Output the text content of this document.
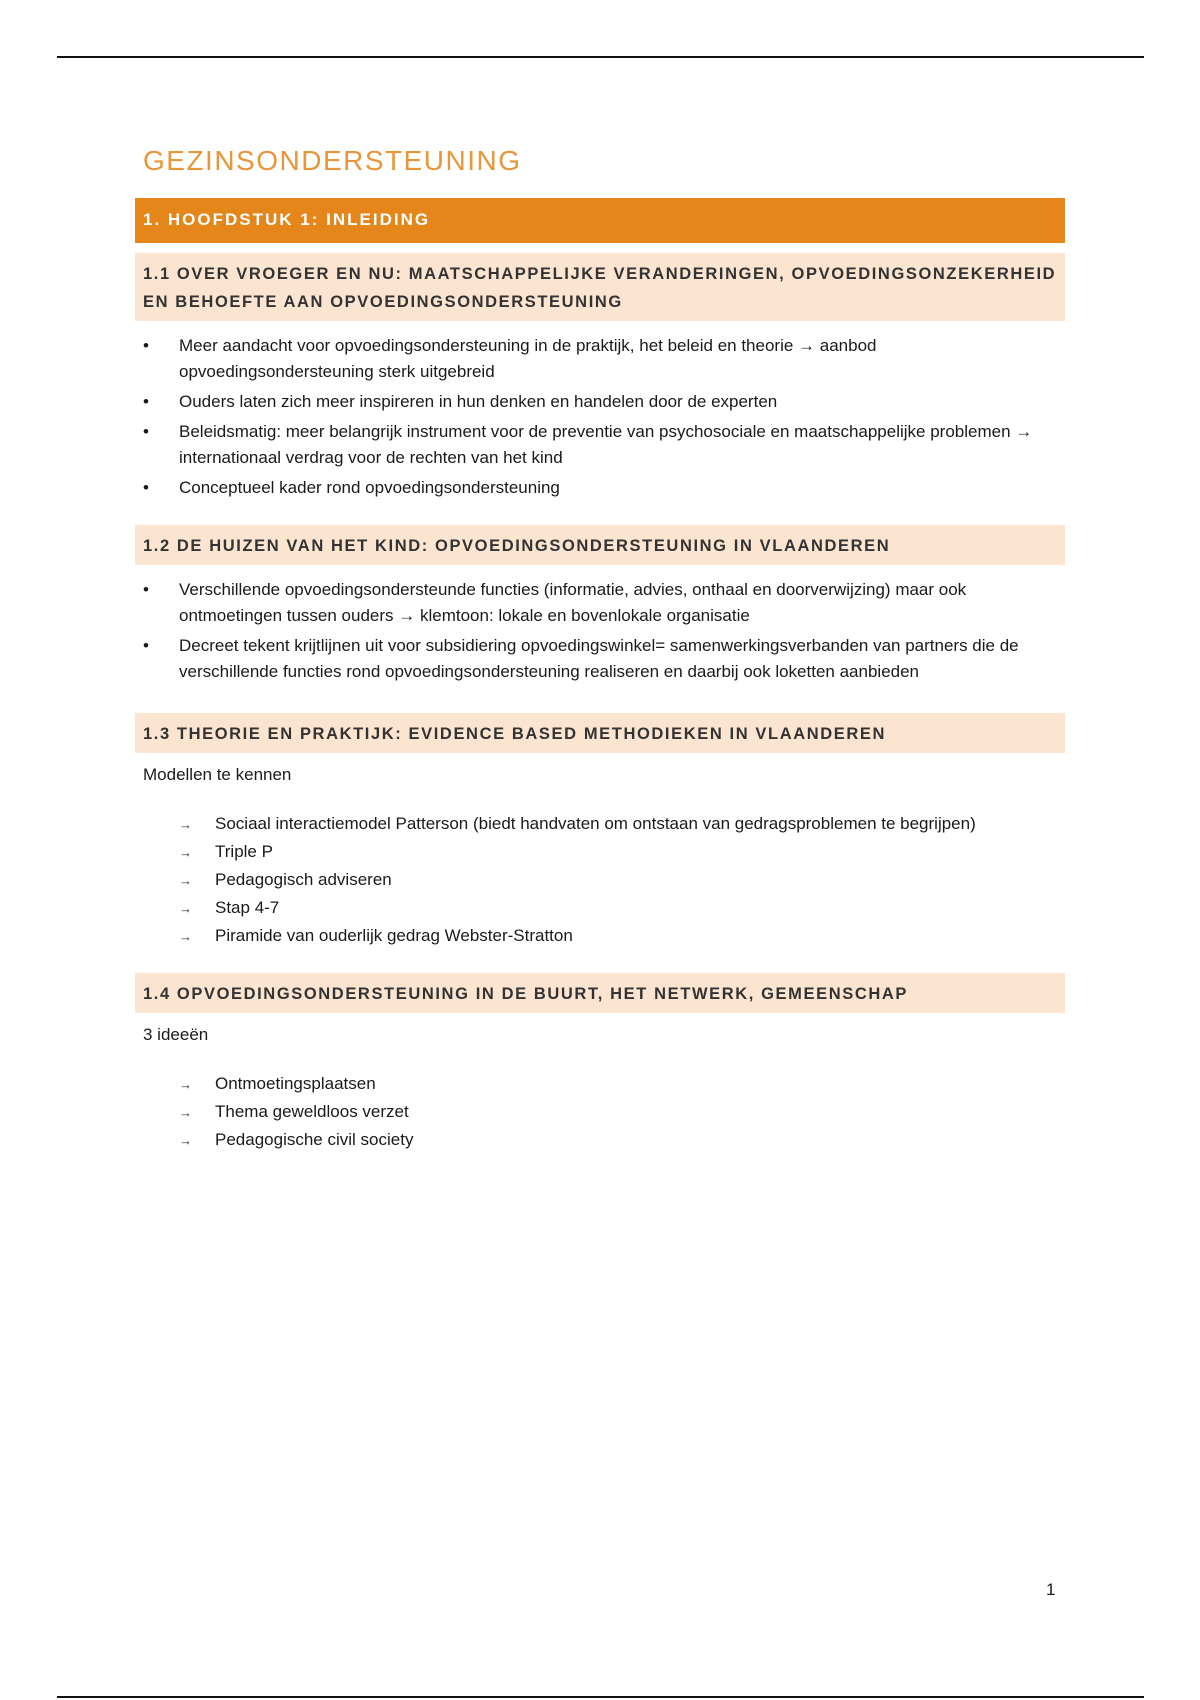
GEZINSONDERSTEUNING
1. HOOFDSTUK 1: INLEIDING
1.1 OVER VROEGER EN NU: MAATSCHAPPELIJKE VERANDERINGEN, OPVOEDINGSONZEKERHEID EN BEHOEFTE AAN OPVOEDINGSONDERSTEUNING
• Meer aandacht voor opvoedingsondersteuning in de praktijk, het beleid en theorie → aanbod opvoedingsondersteuning sterk uitgebreid
• Ouders laten zich meer inspireren in hun denken en handelen door de experten
• Beleidsmatig: meer belangrijk instrument voor de preventie van psychosociale en maatschappelijke problemen → internationaal verdrag voor de rechten van het kind
• Conceptueel kader rond opvoedingsondersteuning
1.2 DE HUIZEN VAN HET KIND: OPVOEDINGSONDERSTEUNING IN VLAANDEREN
• Verschillende opvoedingsondersteunde functies (informatie, advies, onthaal en doorverwijzing) maar ook ontmoetingen tussen ouders → klemtoon: lokale en bovenlokale organisatie
• Decreet tekent krijtlijnen uit voor subsidiering opvoedingswinkel= samenwerkingsverbanden van partners die de verschillende functies rond opvoedingsondersteuning realiseren en daarbij ook loketten aanbieden
1.3 THEORIE EN PRAKTIJK: EVIDENCE BASED METHODIEKEN IN VLAANDEREN
Modellen te kennen
→ Sociaal interactiemodel Patterson (biedt handvaten om ontstaan van gedragsproblemen te begrijpen)
→ Triple P
→ Pedagogisch adviseren
→ Stap 4-7
→ Piramide van ouderlijk gedrag Webster-Stratton
1.4 OPVOEDINGSONDERSTEUNING IN DE BUURT, HET NETWERK, GEMEENSCHAP
3 ideeën
→ Ontmoetingsplaatsen
→ Thema geweldloos verzet
→ Pedagogische civil society
1
